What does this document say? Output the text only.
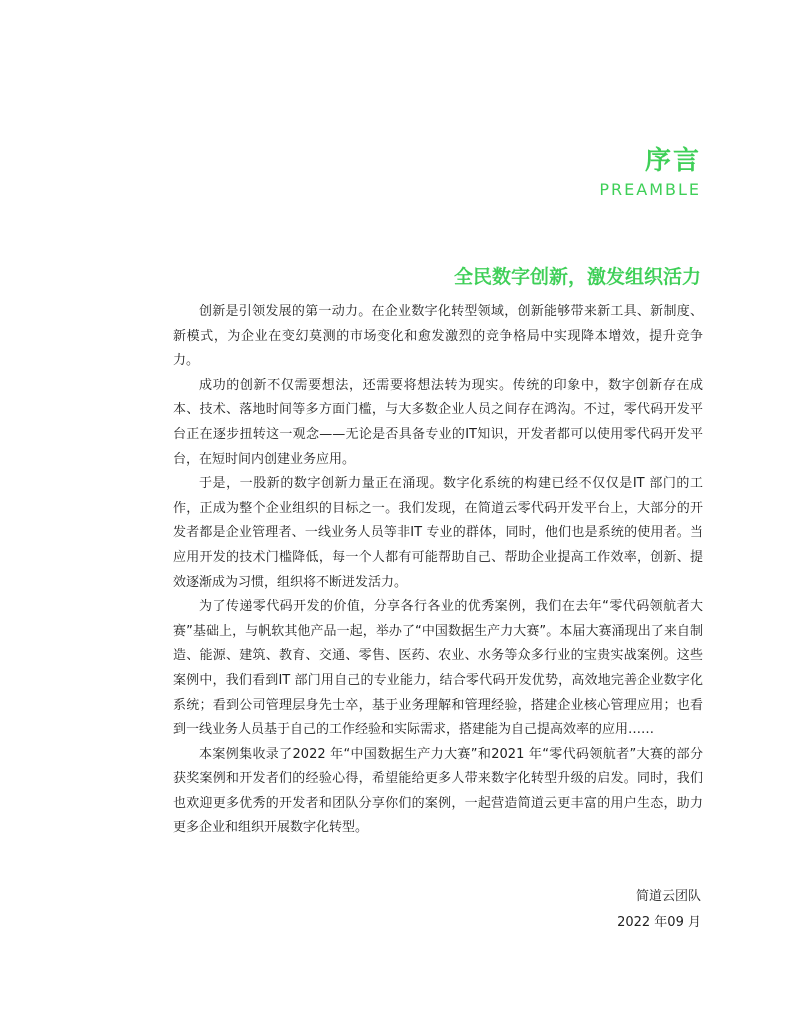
序言
PREAMBLE
全民数字创新，激发组织活力

创新是引领发展的第一动力。在企业数字化转型领域，创新能够带来新工具、新制度、新模式，为企业在变幻莫测的市场变化和愈发激烈的竞争格局中实现降本增效，提升竞争力。

成功的创新不仅需要想法，还需要将想法转为现实。传统的印象中，数字创新存在成本、技术、落地时间等多方面门槛，与大多数企业人员之间存在鸿沟。不过，零代码开发平台正在逐步扭转这一观念——无论是否具备专业的IT知识，开发者都可以使用零代码开发平台，在短时间内创建业务应用。

于是，一股新的数字创新力量正在涌现。数字化系统的构建已经不仅仅是IT 部门的工作，正成为整个企业组织的目标之一。我们发现，在简道云零代码开发平台上，大部分的开发者都是企业管理者、一线业务人员等非IT 专业的群体，同时，他们也是系统的使用者。当应用开发的技术门槛降低，每一个人都有可能帮助自己、帮助企业提高工作效率，创新、提效逐渐成为习惯，组织将不断迸发活力。

为了传递零代码开发的价值，分享各行各业的优秀案例，我们在去年“零代码领航者大赛”基础上，与帆软其他产品一起，举办了“中国数据生产力大赛”。本届大赛涌现出了来自制造、能源、建筑、教育、交通、零售、医药、农业、水务等众多行业的宝贵实战案例。这些案例中，我们看到IT 部门用自己的专业能力，结合零代码开发优势，高效地完善企业数字化系统；看到公司管理层身先士卒，基于业务理解和管理经验，搭建企业核心管理应用；也看到一线业务人员基于自己的工作经验和实际需求，搭建能为自己提高效率的应用……

本案例集收录了2022 年“中国数据生产力大赛”和2021 年“零代码领航者”大赛的部分获奖案例和开发者们的经验心得，希望能给更多人带来数字化转型升级的启发。同时，我们也欢迎更多优秀的开发者和团队分享你们的案例，一起营造简道云更丰富的用户生态，助力更多企业和组织开展数字化转型。

简道云团队
2022 年09 月
